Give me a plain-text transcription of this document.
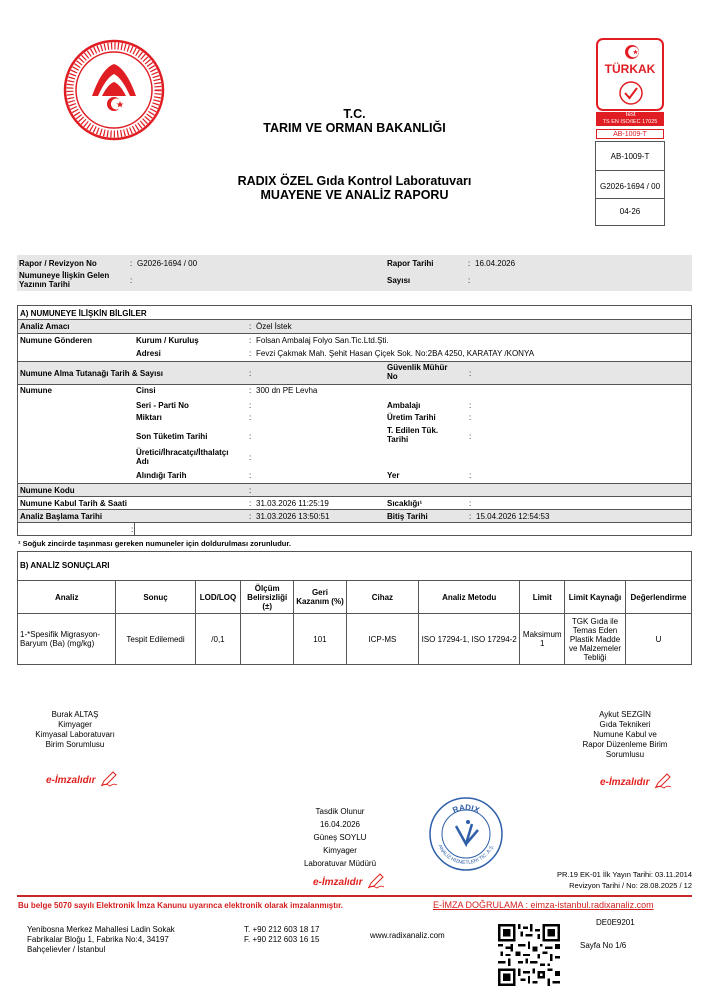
TÜRKAK
Test
TS EN ISO/IEC 17025
AB-1009-T
AB-1009-T
G2026-1694 / 00
04-26
T.C.
TARIM VE ORMAN BAKANLIĞI
RADIX ÖZEL Gıda Kontrol Laboratuvarı
MUAYENE VE ANALİZ RAPORU
Rapor / Revizyon No	: G2026-1694 / 00	Rapor Tarihi	: 16.04.2026
Numuneye İlişkin Gelen
Yazının Tarihi	:	Sayısı	:
A) NUMUNEYE İLİŞKİN BİLGİLER
Analiz Amacı	: Özel İstek
Numune Gönderen	Kurum / Kuruluş	: Folsan Ambalaj Folyo San.Tic.Ltd.Şti.
Adresi	: Fevzi Çakmak Mah. Şehit Hasan Çiçek Sok. No:2BA 4250, KARATAY /KONYA
Numune Alma Tutanağı Tarih & Sayısı	:
Güvenlik Mühür
No	:
Numune	Cinsi	: 300 dn PE Levha
Seri - Parti No	:	Ambalajı	:
Miktarı	:	Üretim Tarihi	:
Son Tüketim Tarihi	:
T. Edilen Tük.
Tarihi	:
Üretici/İhracatçı/İthalatçı
Adı	:
Alındığı Tarih	:	Yer	:
Numune Kodu	:
Numune Kabul Tarih & Saati	: 31.03.2026 11:25:19	Sıcaklığı¹	:
Analiz Başlama Tarihi	: 31.03.2026 13:50:51	Bitiş Tarihi	: 15.04.2026 12:54:53
:
¹ Soğuk zincirde taşınması gereken numuneler için doldurulması zorunludur.
B) ANALİZ SONUÇLARI
Analiz	Sonuç	LOD/LOQ	Ölçüm Belirsizliği (±)	Geri Kazanım (%)	Cihaz	Analiz Metodu	Limit	Limit Kaynağı	Değerlendirme
1-*Spesifik Migrasyon-Baryum (Ba) (mg/kg)	Tespit Edilemedi	/0,1		101	ICP-MS	ISO 17294-1, ISO 17294-2	Maksimum 1	TGK Gıda ile Temas Eden Plastik Madde ve Malzemeler Tebliği	U
Burak ALTAŞ
Kimyager
Kimyasal Laboratuvarı
Birim Sorumlusu
e-İmzalıdır
Aykut SEZGİN
Gıda Teknikeri
Numune Kabul ve
Rapor Düzenleme Birim
Sorumlusu
e-İmzalıdır
Tasdik Olunur
16.04.2026
Güneş SOYLU
Kimyager
Laboratuvar Müdürü
e-İmzalıdır
RADIX
ANALİZ HİZMETLERİ TİC. A.Ş.
PR.19 EK-01 İlk Yayın Tarihi: 03.11.2014
Revizyon Tarihi / No: 28.08.2025 / 12
Bu belge 5070 sayılı Elektronik İmza Kanunu uyarınca elektronik olarak imzalanmıştır.	E-İMZA DOĞRULAMA : eimza-istanbul.radixanaliz.com
DE0E9201
Yenibosna Merkez Mahallesi Ladin Sokak
Fabrikalar Bloğu 1, Fabrika No:4, 34197
Bahçelievler / İstanbul
T. +90 212 603 18 17
F. +90 212 603 16 15	www.radixanaliz.com
Sayfa No 1/6
